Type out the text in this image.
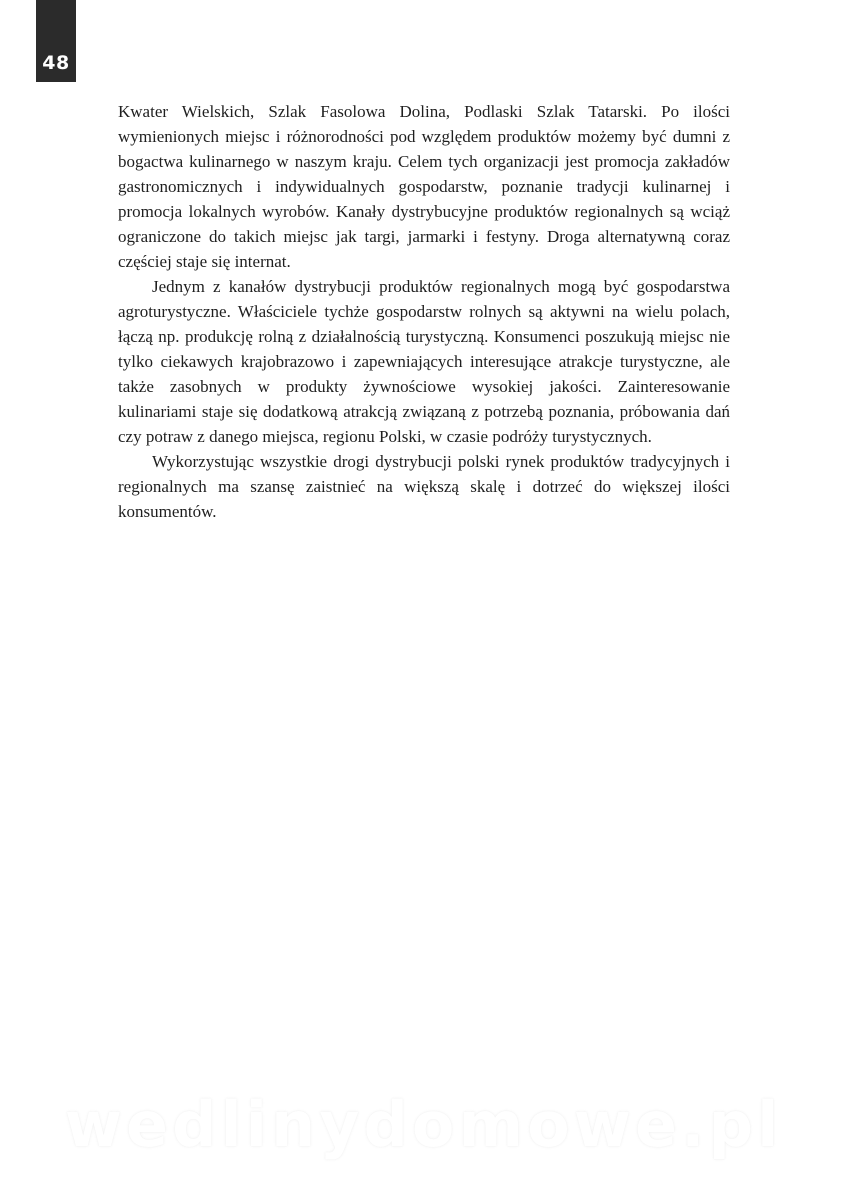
48

Kwater Wielskich, Szlak Fasolowa Dolina, Podlaski Szlak Tatarski. Po ilości wymienionych miejsc i różnorodności pod względem produktów możemy być dumni z bogactwa kulinarnego w naszym kraju. Celem tych organizacji jest promocja zakładów gastronomicznych i indywidualnych gospodarstw, poznanie tradycji kulinarnej i promocja lokalnych wyrobów. Kanały dystrybucyjne produktów regionalnych są wciąż ograniczone do takich miejsc jak targi, jarmarki i festyny. Droga alternatywną coraz częściej staje się internat.

Jednym z kanałów dystrybucji produktów regionalnych mogą być gospodarstwa agroturystyczne. Właściciele tychże gospodarstw rolnych są aktywni na wielu polach, łączą np. produkcję rolną z działalnością turystyczną. Konsumenci poszukują miejsc nie tylko ciekawych krajobrazowo i zapewniających interesujące atrakcje turystyczne, ale także zasobnych w produkty żywnościowe wysokiej jakości. Zainteresowanie kulinariami staje się dodatkową atrakcją związaną z potrzebą poznania, próbowania dań czy potraw z danego miejsca, regionu Polski, w czasie podróży turystycznych.

Wykorzystując wszystkie drogi dystrybucji polski rynek produktów tradycyjnych i regionalnych ma szansę zaistnieć na większą skalę i dotrzeć do większej ilości konsumentów.

wedlinydomowe.pl
